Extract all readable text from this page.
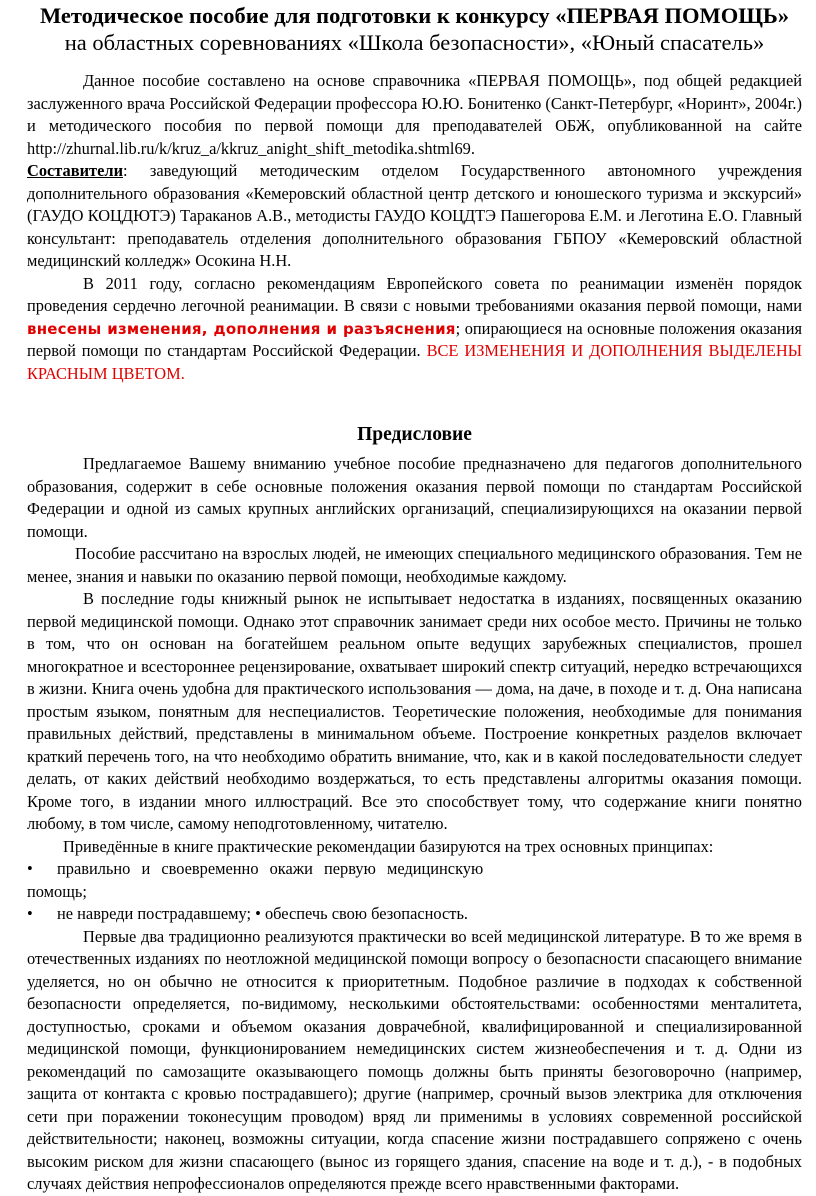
Методическое пособие для подготовки к конкурсу «ПЕРВАЯ ПОМОЩЬ» на областных соревнованиях «Школа безопасности», «Юный спасатель»

Данное пособие составлено на основе справочника «ПЕРВАЯ ПОМОЩЬ», под общей редакцией заслуженного врача Российской Федерации профессора Ю.Ю. Бонитенко (Санкт-Петербург, «Норинт», 2004г.) и методического пособия по первой помощи для преподавателей ОБЖ, опубликованной на сайте http://zhurnal.lib.ru/k/kruz_a/kkruz_anight_shift_metodika.shtml69.

Составители: заведующий методическим отделом Государственного автономного учреждения дополнительного образования «Кемеровский областной центр детского и юношеского туризма и экскурсий» (ГАУДО КОЦДЮТЭ) Тараканов А.В., методисты ГАУДО КОЦДТЭ Пашегорова Е.М. и Леготина Е.О. Главный консультант: преподаватель отделения дополнительного образования ГБПОУ «Кемеровский областной медицинский колледж» Осокина Н.Н.

В 2011 году, согласно рекомендациям Европейского совета по реанимации изменён порядок проведения сердечно легочной реанимации. В связи с новыми требованиями оказания первой помощи, нами внесены изменения, дополнения и разъяснения; опирающиеся на основные положения оказания первой помощи по стандартам Российской Федерации. ВСЕ ИЗМЕНЕНИЯ И ДОПОЛНЕНИЯ ВЫДЕЛЕНЫ КРАСНЫМ ЦВЕТОМ.

Предисловие

Предлагаемое Вашему вниманию учебное пособие предназначено для педагогов дополнительного образования, содержит в себе основные положения оказания первой помощи по стандартам Российской Федерации и одной из самых крупных английских организаций, специализирующихся на оказании первой помощи.

Пособие рассчитано на взрослых людей, не имеющих специального медицинского образования. Тем не менее, знания и навыки по оказанию первой помощи, необходимые каждому.

В последние годы книжный рынок не испытывает недостатка в изданиях, посвященных оказанию первой медицинской помощи. Однако этот справочник занимает среди них особое место. Причины не только в том, что он основан на богатейшем реальном опыте ведущих зарубежных специалистов, прошел многократное и всестороннее рецензирование, охватывает широкий спектр ситуаций, нередко встречающихся в жизни. Книга очень удобна для практического использования — дома, на даче, в походе и т. д. Она написана простым языком, понятным для неспециалистов. Теоретические положения, необходимые для понимания правильных действий, представлены в минимальном объеме. Построение конкретных разделов включает краткий перечень того, на что необходимо обратить внимание, что, как и в какой последовательности следует делать, от каких действий необходимо воздержаться, то есть представлены алгоритмы оказания помощи. Кроме того, в издании много иллюстраций. Все это способствует тому, что содержание книги понятно любому, в том числе, самому неподготовленному, читателю.

Приведённые в книге практические рекомендации базируются на трех основных принципах:

•	правильно и своевременно окажи первую медицинскую

помощь;

•	не навреди пострадавшему; • обеспечь свою безопасность.

Первые два традиционно реализуются практически во всей медицинской литературе. В то же время в отечественных изданиях по неотложной медицинской помощи вопросу о безопасности спасающего внимание уделяется, но он обычно не относится к приоритетным. Подобное различие в подходах к собственной безопасности определяется, по-видимому, несколькими обстоятельствами: особенностями менталитета, доступностью, сроками и объемом оказания доврачебной, квалифицированной и специализированной медицинской помощи, функционированием немедицинских систем жизнеобеспечения и т. д. Одни из рекомендаций по самозащите оказывающего помощь должны быть приняты безоговорочно (например, защита от контакта с кровью пострадавшего); другие (например, срочный вызов электрика для отключения сети при поражении токонесущим проводом) вряд ли применимы в условиях современной российской действительности; наконец, возможны ситуации, когда спасение жизни пострадавшего сопряжено с очень высоким риском для жизни спасающего (вынос из горящего здания, спасение на воде и т. д.), - в подобных случаях действия непрофессионалов определяются прежде всего нравственными факторами.
